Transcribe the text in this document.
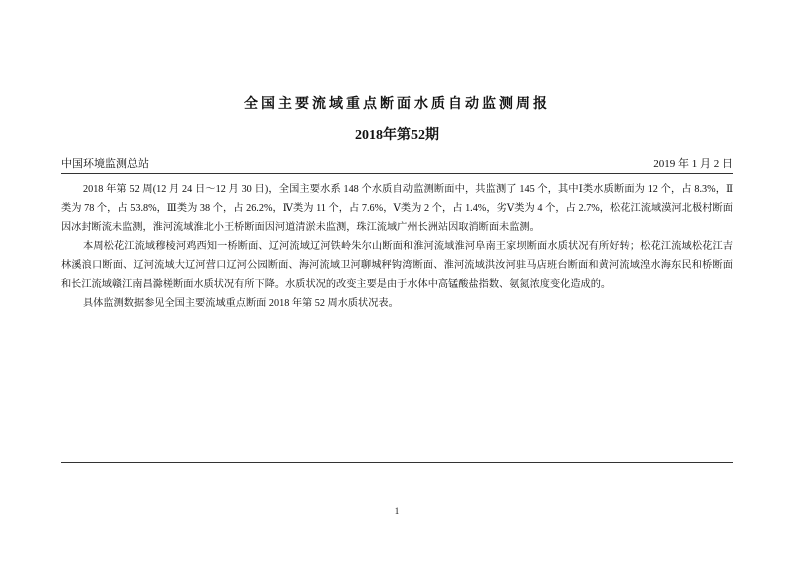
全国主要流域重点断面水质自动监测周报
2018年第52期
中国环境监测总站	2019 年 1 月 2 日

2018 年第 52 周(12 月 24 日～12 月 30 日)，全国主要水系 148 个水质自动监测断面中，共监测了 145 个，其中Ⅰ类水质断面为 12 个，占 8.3%，Ⅱ类为 78 个，占 53.8%，Ⅲ类为 38 个，占 26.2%，Ⅳ类为 11 个，占 7.6%，Ⅴ类为 2 个，占 1.4%，劣Ⅴ类为 4 个，占 2.7%，松花江流域漠河北极村断面因冰封断流未监测，淮河流域淮北小王桥断面因河道清淤未监测，珠江流域广州长洲站因取消断面未监测。

本周松花江流域穆棱河鸡西知一桥断面、辽河流域辽河铁岭朱尔山断面和淮河流域淮河阜南王家坝断面水质状况有所好转；松花江流域松花江吉林溪浪口断面、辽河流域大辽河营口辽河公园断面、海河流域卫河聊城秤钩湾断面、淮河流域洪汝河驻马店班台断面和黄河流域湟水海东民和桥断面和长江流域赣江南昌滁槎断面水质状况有所下降。水质状况的改变主要是由于水体中高锰酸盐指数、氨氮浓度变化造成的。

具体监测数据参见全国主要流域重点断面 2018 年第 52 周水质状况表。

1
